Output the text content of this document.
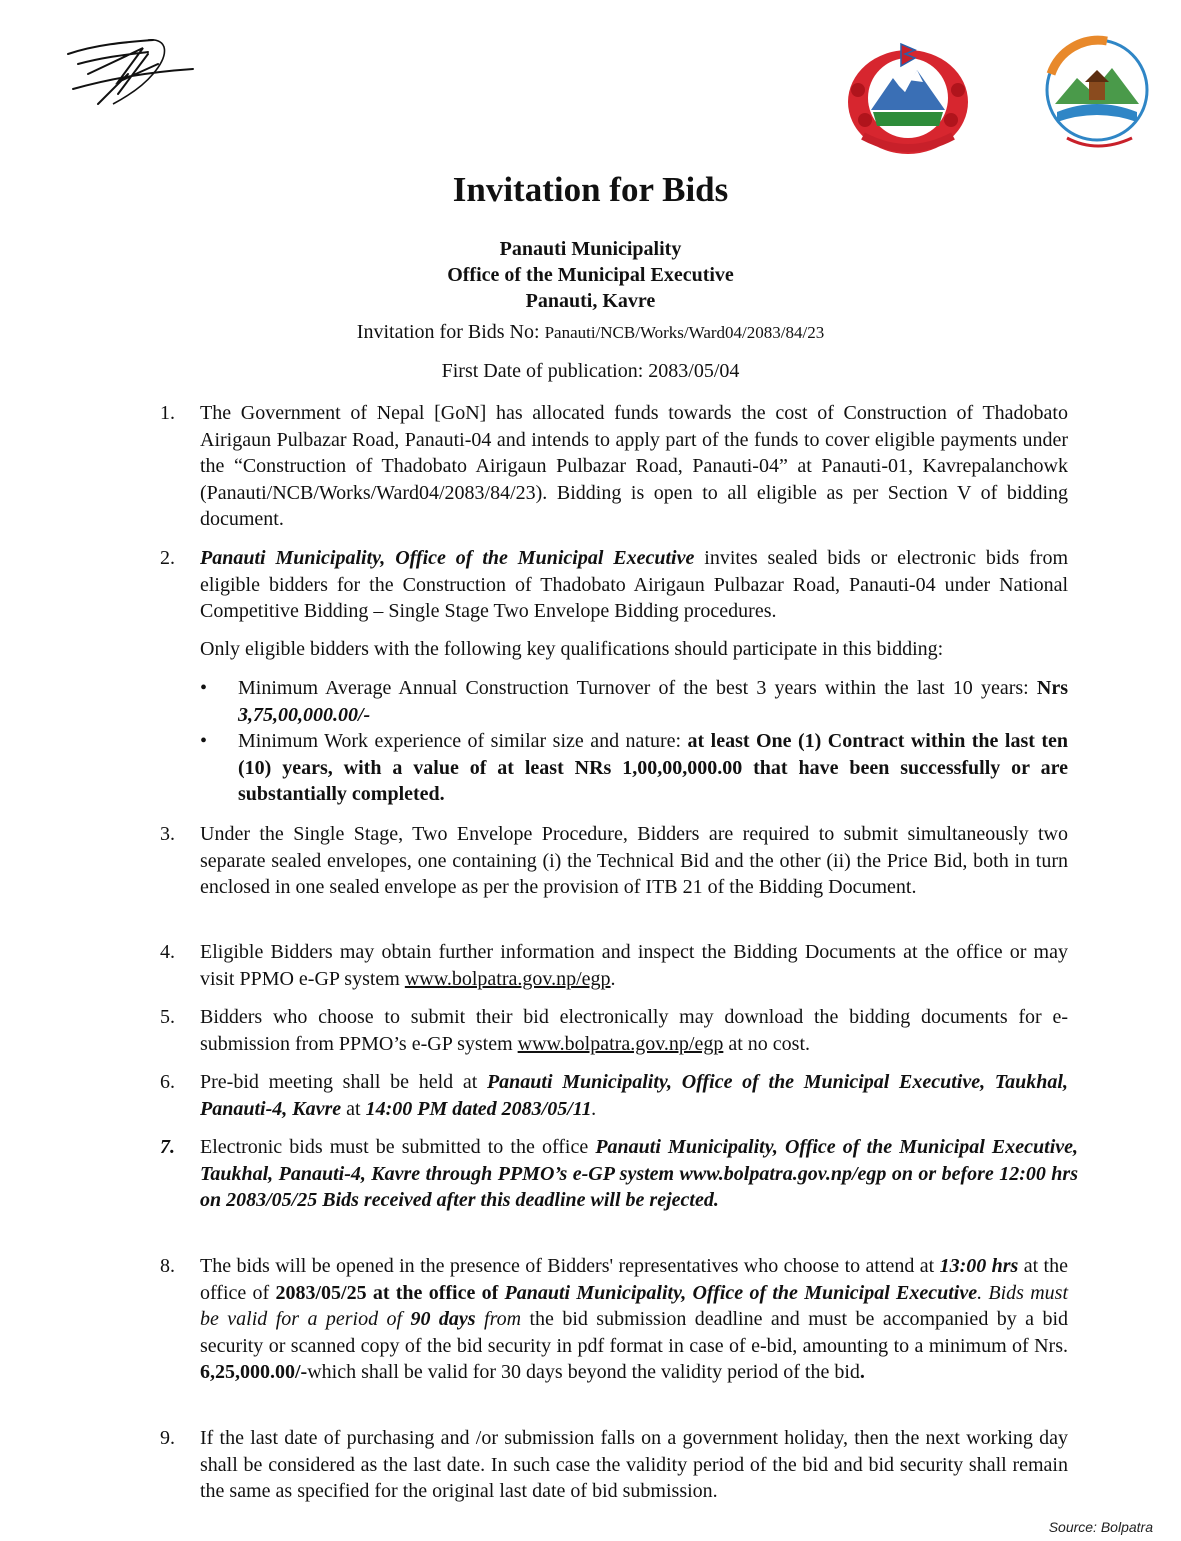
Invitation for Bids
Panauti Municipality
Office of the Municipal Executive
Panauti, Kavre
Invitation for Bids No: Panauti/NCB/Works/Ward04/2083/84/23
First Date of publication: 2083/05/04
1.	The Government of Nepal [GoN] has allocated funds towards the cost of Construction of Thadobato Airigaun Pulbazar Road, Panauti-04 and intends to apply part of the funds to cover eligible payments under the “Construction of Thadobato Airigaun Pulbazar Road, Panauti-04” at Panauti-01, Kavrepalanchowk (Panauti/NCB/Works/Ward04/2083/84/23). Bidding is open to all eligible as per Section V of bidding document.
2.	Panauti Municipality, Office of the Municipal Executive invites sealed bids or electronic bids from eligible bidders for the Construction of Thadobato Airigaun Pulbazar Road, Panauti-04 under National Competitive Bidding – Single Stage Two Envelope Bidding procedures.

Only eligible bidders with the following key qualifications should participate in this bidding:

• Minimum Average Annual Construction Turnover of the best 3 years within the last 10 years: Nrs 3,75,00,000.00/-
• Minimum Work experience of similar size and nature: at least One (1) Contract within the last ten (10) years, with a value of at least NRs 1,00,00,000.00 that have been successfully or are substantially completed.
3.	Under the Single Stage, Two Envelope Procedure, Bidders are required to submit simultaneously two separate sealed envelopes, one containing (i) the Technical Bid and the other (ii) the Price Bid, both in turn enclosed in one sealed envelope as per the provision of ITB 21 of the Bidding Document.
4.	Eligible Bidders may obtain further information and inspect the Bidding Documents at the office or may visit PPMO e-GP system www.bolpatra.gov.np/egp.
5.	Bidders who choose to submit their bid electronically may download the bidding documents for e-submission from PPMO’s e-GP system www.bolpatra.gov.np/egp at no cost.
6.	Pre-bid meeting shall be held at Panauti Municipality, Office of the Municipal Executive, Taukhal, Panauti-4, Kavre at 14:00 PM dated 2083/05/11.
7.	Electronic bids must be submitted to the office Panauti Municipality, Office of the Municipal Executive, Taukhal, Panauti-4, Kavre through PPMO’s e-GP system www.bolpatra.gov.np/egp on or before 12:00 hrs on 2083/05/25 Bids received after this deadline will be rejected.
8.	The bids will be opened in the presence of Bidders' representatives who choose to attend at 13:00 hrs at the office of 2083/05/25 at the office of Panauti Municipality, Office of the Municipal Executive. Bids must be valid for a period of 90 days from the bid submission deadline and must be accompanied by a bid security or scanned copy of the bid security in pdf format in case of e-bid, amounting to a minimum of Nrs. 6,25,000.00/-which shall be valid for 30 days beyond the validity period of the bid.
9.	If the last date of purchasing and /or submission falls on a government holiday, then the next working day shall be considered as the last date. In such case the validity period of the bid and bid security shall remain the same as specified for the original last date of bid submission.
Source: Bolpatra
